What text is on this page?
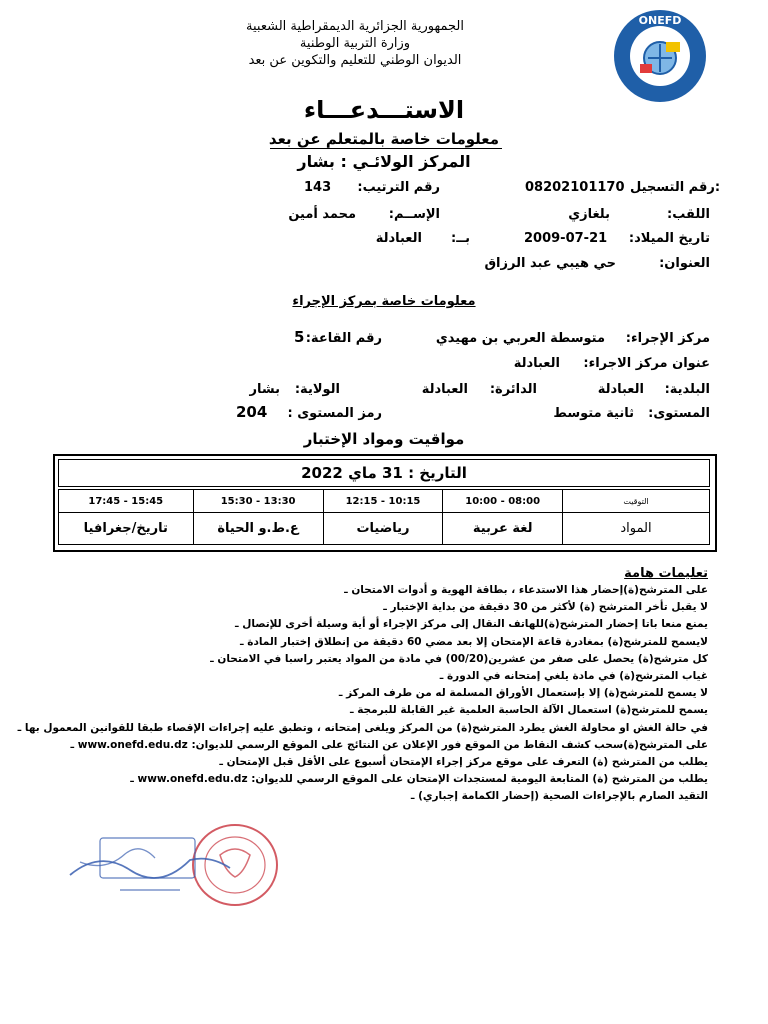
الجمهورية الجزائرية الديمقراطية الشعبية
وزارة التربية الوطنية
الديوان الوطني للتعليم والتكوين عن بعد
ONEFD
الاستـــدعـــاء
معلومات خاصة بالمتعلم عن بعد
المركز الولائـي : بشار
رقم التسجيل:
08202101170
رقم الترتيب:
143
اللقب:
بلغازي
الإســم:
محمد أمين
تاريخ الميلاد:
2009-07-21
بــ:
العبادلة
العنوان:
حي هيبي عبد الرزاق
معلومات خاصة بمركز الإجراء
مركز الإجراء:
متوسطة العربي بن مهيدي
رقم القاعة:
5
عنوان مركز الاجراء:
العبادلة
البلدية:
العبادلة
الدائرة:
العبادلة
الولاية:
بشار
المستوى:
ثانية متوسط
رمز المستوى :
204
مواقيت ومواد الإختبار
التاريخ : 31 ماي 2022
17:45 - 15:45	15:30 - 13:30	12:15 - 10:15	10:00 - 08:00	التوقيت
تاريخ/جغرافيا	ع.ط.و الحياة	رياضيات	لغة عربية	المواد
تعليمات هامة
على المترشح(ة)إحضار هذا الاستدعاء ، بطاقة الهوية و أدوات الامتحان ـ
لا يقبل تأخر المترشح (ة) لأكثر من 30 دقيقة من بداية الإختبار ـ
يمنع منعا باتا إحضار المترشح(ة)للهاتف النقال إلى مركز الإجراء أو أية وسيلة أخرى للإتصال ـ
لايسمح للمترشح(ة) بمغادرة قاعة الإمتحان إلا بعد مضي 60 دقيقة من إنطلاق إختبار المادة ـ
كل مترشح(ة) يحصل على صفر من عشرين(00/20) في مادة من المواد يعتبر راسبا في الامتحان ـ
غياب المترشح(ة) في مادة يلغي إمتحانه في الدورة ـ
لا يسمح للمترشح(ة) إلا بإستعمال الأوراق المسلمة له من طرف المركز ـ
يسمح للمترشح(ة) استعمال الآلة الحاسبة العلمية غير القابلة للبرمجة ـ
في حالة الغش او محاولة الغش يطرد المترشح(ة) من المركز ويلغى إمتحانه ، وتطبق عليه إجراءات الإقصاء طبقا للقوانين المعمول بها ـ
على المترشح(ة)سحب كشف النقاط من الموقع فور الإعلان عن النتائج على الموقع الرسمي للديوان: www.onefd.edu.dz ـ
يطلب من المترشح (ة) التعرف على موقع مركز إجراء الإمتحان أسبوع على الأقل قبل الإمتحان ـ
يطلب من المترشح (ة) المتابعة اليومية لمستجدات الإمتحان على الموقع الرسمي للديوان: www.onefd.edu.dz ـ
التقيد الصارم بالإجراءات الصحية (إحضار الكمامة إجباري) ـ
